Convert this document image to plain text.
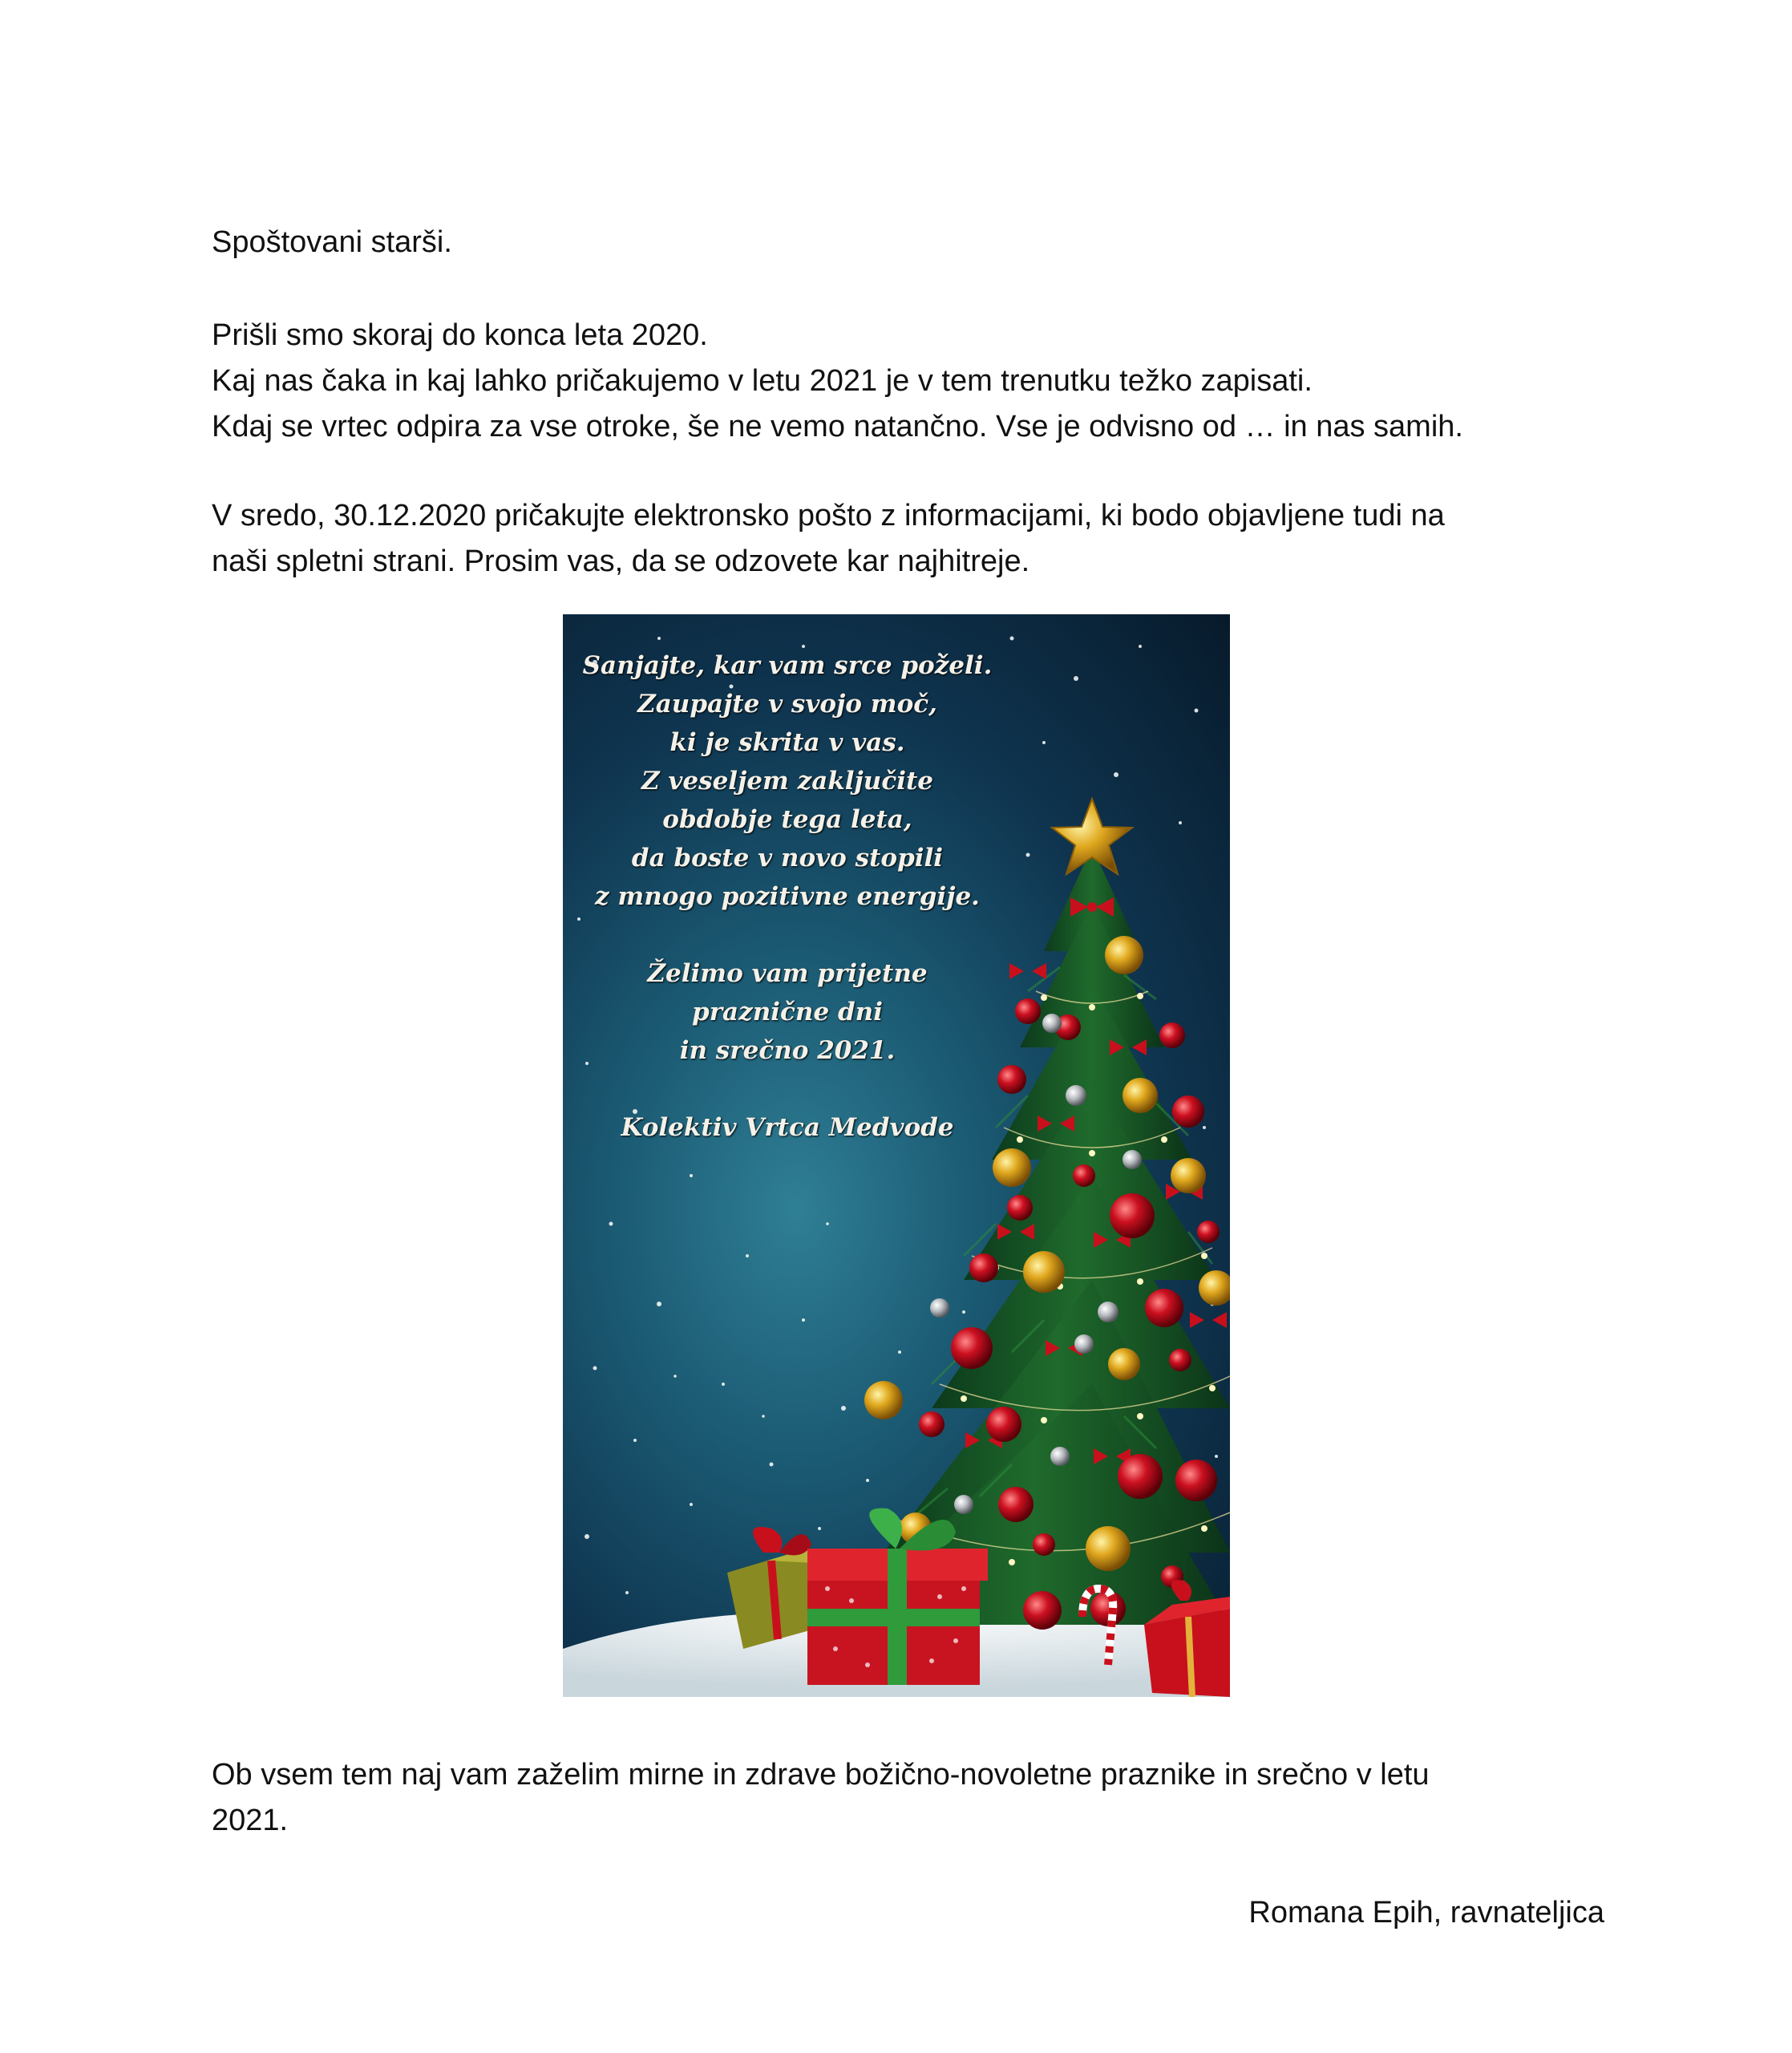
Spoštovani starši.
Prišli smo skoraj do konca leta 2020.
Kaj nas čaka in kaj lahko pričakujemo v letu 2021 je v tem trenutku težko zapisati.
Kdaj se vrtec odpira za vse otroke, še ne vemo natančno. Vse je odvisno od … in nas samih.
V sredo, 30.12.2020 pričakujte elektronsko pošto z informacijami, ki bodo objavljene tudi na
naši spletni strani. Prosim vas, da se odzovete kar najhitreje.
Sanjajte, kar vam srce poželi.
Zaupajte v svojo moč,
ki je skrita v vas.
Z veseljem zaključite
obdobje tega leta,
da boste v novo stopili
z mnogo pozitivne energije.
Želimo vam prijetne
praznične dni
in srečno 2021.
Kolektiv Vrtca Medvode
Ob vsem tem naj vam zaželim mirne in zdrave božično-novoletne praznike in srečno v letu
2021.
Romana Epih, ravnateljica
